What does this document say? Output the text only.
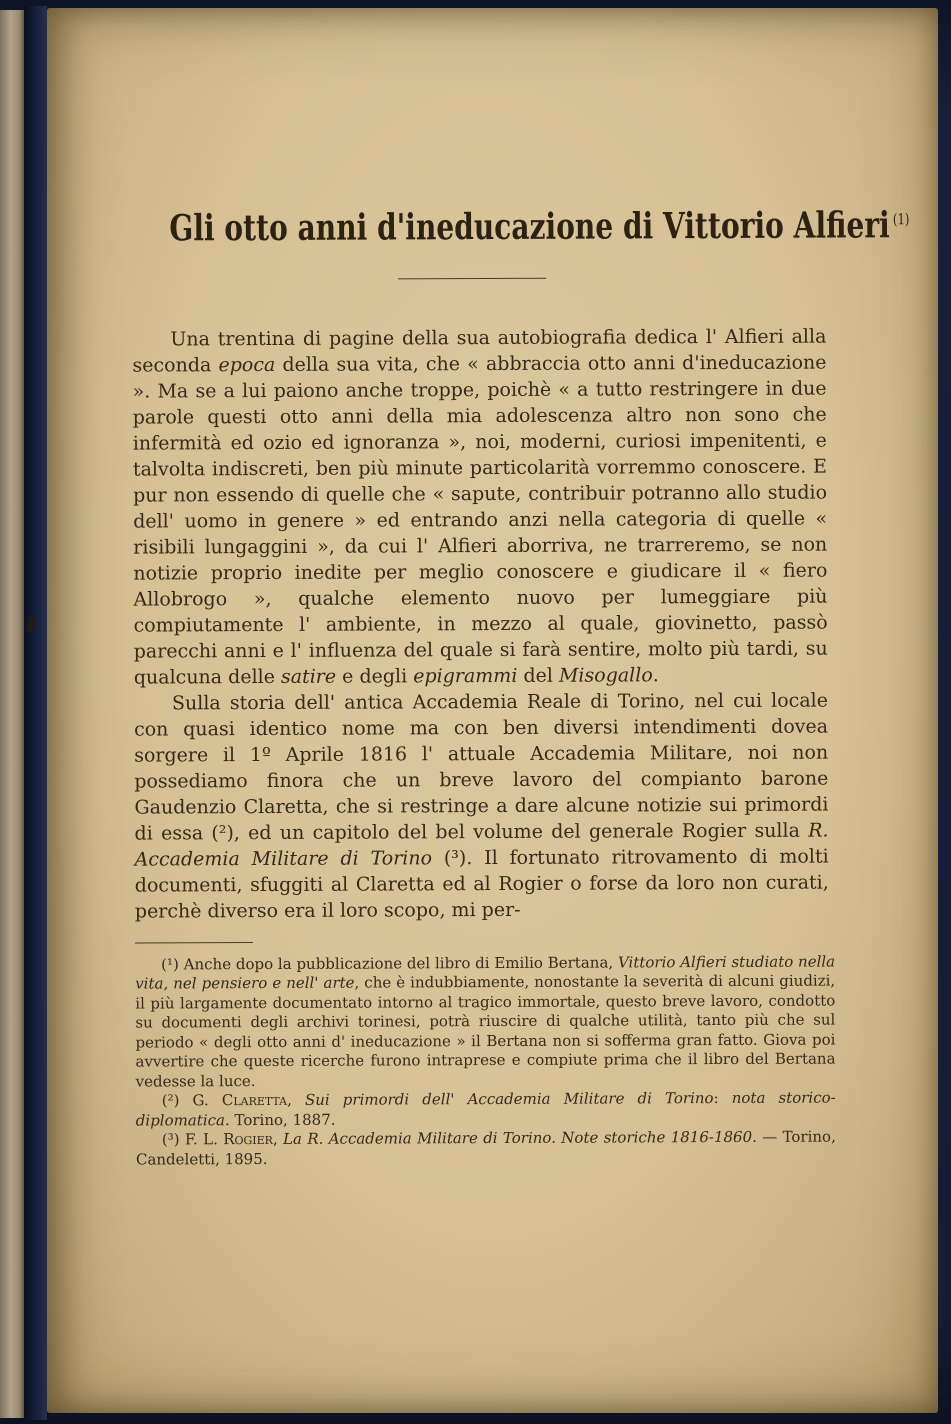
Gli otto anni d'ineducazione di Vittorio Alfieri $^{(1)}$

Una trentina di pagine della sua autobiografia dedica l' Alfieri alla seconda epoca della sua vita, che « abbraccia otto anni d'ineducazione ». Ma se a lui paiono anche troppe, poichè « a tutto restringere in due parole questi otto anni della mia adolescenza altro non sono che infermità ed ozio ed ignoranza », noi, moderni, curiosi impenitenti, e talvolta indiscreti, ben più minute particolarità vorremmo conoscere. E pur non essendo di quelle che « sapute, contribuir potranno allo studio dell' uomo in genere » ed entrando anzi nella categoria di quelle « risibili lungaggini », da cui l' Alfieri aborriva, ne trarreremo, se non notizie proprio inedite per meglio conoscere e giudicare il « fiero Allobrogo », qualche elemento nuovo per lumeggiare più compiutamente l' ambiente, in mezzo al quale, giovinetto, passò parecchi anni e l' influenza del quale si farà sentire, molto più tardi, su qualcuna delle satire e degli epigrammi del Misogallo.

Sulla storia dell' antica Accademia Reale di Torino, nel cui locale con quasi identico nome ma con ben diversi intendimenti dovea sorgere il 1º Aprile 1816 l' attuale Accademia Militare, noi non possediamo finora che un breve lavoro del compianto barone Gaudenzio Claretta, che si restringe a dare alcune notizie sui primordi di essa (²), ed un capitolo del bel volume del generale Rogier sulla R. Accademia Militare di Torino (³). Il fortunato ritrovamento di molti documenti, sfuggiti al Claretta ed al Rogier o forse da loro non curati, perchè diverso era il loro scopo, mi per-

(¹) Anche dopo la pubblicazione del libro di Emilio Bertana, Vittorio Alfieri studiato nella vita, nel pensiero e nell' arte, che è indubbiamente, nonostante la severità di alcuni giudizi, il più largamente documentato intorno al tragico immortale, questo breve lavoro, condotto su documenti degli archivi torinesi, potrà riuscire di qualche utilità, tanto più che sul periodo « degli otto anni d' ineducazione » il Bertana non si sofferma gran fatto. Giova poi avvertire che queste ricerche furono intraprese e compiute prima che il libro del Bertana vedesse la luce.

(²) G. Claretta, Sui primordi dell' Accademia Militare di Torino: nota storico-diplomatica. Torino, 1887.

(³) F. L. Rogier, La R. Accademia Militare di Torino. Note storiche 1816-1860. — Torino, Candeletti, 1895.
